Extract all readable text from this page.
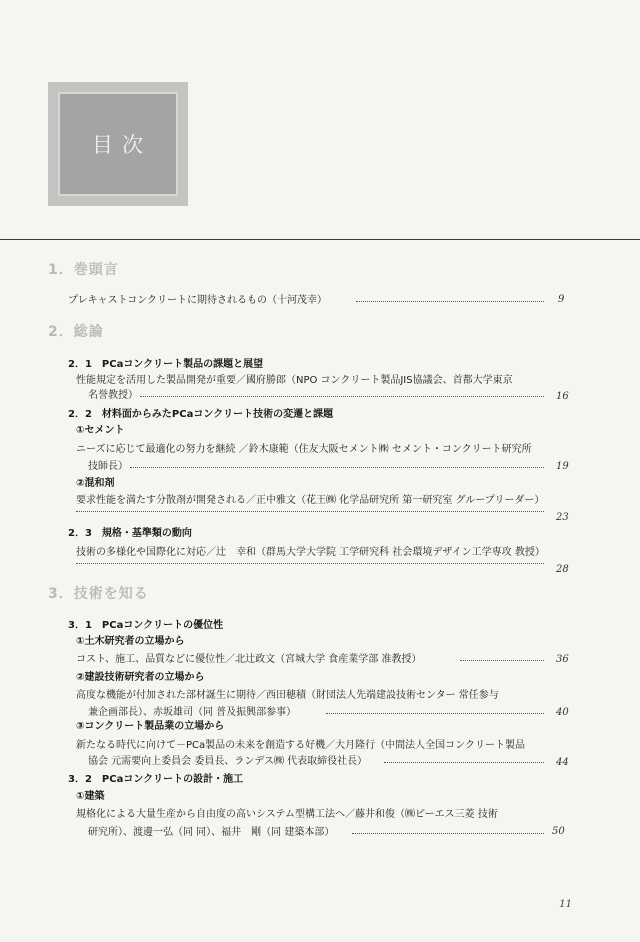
目次
1．巻頭言
プレキャストコンクリートに期待されるもの（十河茂幸）	9
2．総論
2．1　PCaコンクリート製品の課題と展望
性能規定を活用した製品開発が重要／國府勝郎（NPO コンクリート製品JIS協議会、首都大学東京
名誉教授）	16
2．2　材料面からみたPCaコンクリート技術の変遷と課題
①セメント
ニーズに応じて最適化の努力を継続 ／鈴木康範（住友大阪セメント㈱ セメント・コンクリート研究所
技師長）	19
②混和剤
要求性能を満たす分散剤が開発される／正中雅文（花王㈱ 化学品研究所 第一研究室 グループリーダー）
23
2．3　規格・基準類の動向
技術の多様化や国際化に対応／辻　幸和（群馬大学大学院 工学研究科 社会環境デザイン工学専攻 教授）
28
3．技術を知る
3．1　PCaコンクリートの優位性
①土木研究者の立場から
コスト、施工、品質などに優位性／北辻政文（宮城大学 食産業学部 准教授）	36
②建設技術研究者の立場から
高度な機能が付加された部材誕生に期待／西田穂積（財団法人先端建設技術センター 常任参与
兼企画部長）、赤坂雄司（同 普及振興部参事）	40
③コンクリート製品業の立場から
新たなる時代に向けて－PCa製品の未来を創造する好機／大月隆行（中間法人全国コンクリート製品
協会 元需要向上委員会 委員長、ランデス㈱ 代表取締役社長）	44
3．2　PCaコンクリートの設計・施工
①建築
規格化による大量生産から自由度の高いシステム型構工法へ／藤井和俊（㈱ピーエス三菱 技術
研究所）、渡邊一弘（同 同）、福井　剛（同 建築本部）	50
11
